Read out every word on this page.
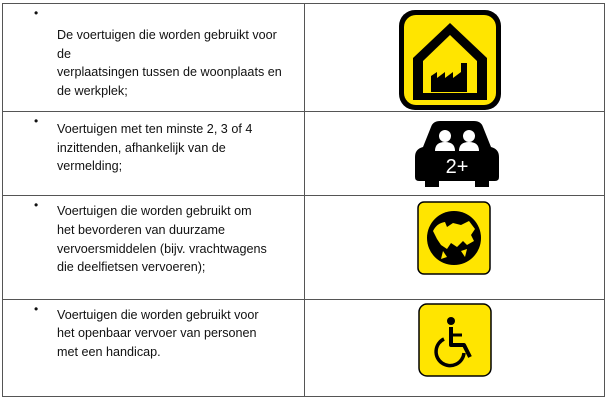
•
De voertuigen die worden gebruikt voor
de
verplaatsingen tussen de woonplaats en
de werkplek;

•
Voertuigen met ten minste 2, 3 of 4
inzittenden, afhankelijk van de
vermelding;	2+

• Voertuigen die worden gebruikt om
het bevorderen van duurzame
vervoersmiddelen (bijv. vrachtwagens
die deelfietsen vervoeren);

• Voertuigen die worden gebruikt voor
het openbaar vervoer van personen
met een handicap.
